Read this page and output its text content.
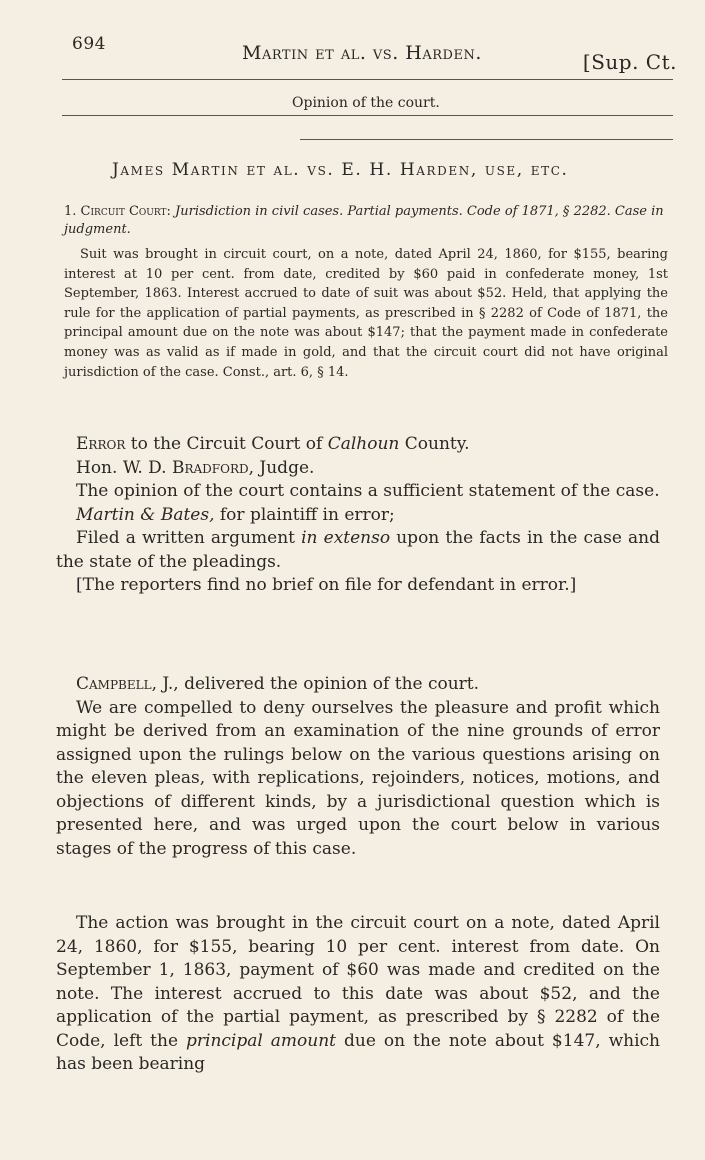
694	Martin et al. vs. Harden.	[Sup. Ct.
Opinion of the court.
James Martin et al. vs. E. H. Harden, use, etc.
1. Circuit Court: Jurisdiction in civil cases. Partial payments. Code of 1871, § 2282. Case in judgment.
Suit was brought in circuit court, on a note, dated April 24, 1860, for $155, bearing interest at 10 per cent. from date, credited by $60 paid in confederate money, 1st September, 1863. Interest accrued to date of suit was about $52. Held, that applying the rule for the application of partial payments, as prescribed in § 2282 of Code of 1871, the principal amount due on the note was about $147; that the payment made in confederate money was as valid as if made in gold, and that the circuit court did not have original jurisdiction of the case. Const., art. 6, § 14.

Error to the Circuit Court of Calhoun County.

Hon. W. D. Bradford, Judge.

The opinion of the court contains a sufficient statement of the case.

Martin & Bates, for plaintiff in error;

Filed a written argument in extenso upon the facts in the case and the state of the pleadings.

[The reporters find no brief on file for defendant in error.]

Campbell, J., delivered the opinion of the court.

We are compelled to deny ourselves the pleasure and profit which might be derived from an examination of the nine grounds of error assigned upon the rulings below on the various questions arising on the eleven pleas, with replications, rejoinders, notices, motions, and objections of different kinds, by a jurisdictional question which is presented here, and was urged upon the court below in various stages of the progress of this case.

The action was brought in the circuit court on a note, dated April 24, 1860, for $155, bearing 10 per cent. interest from date. On September 1, 1863, payment of $60 was made and credited on the note. The interest accrued to this date was about $52, and the application of the partial payment, as prescribed by § 2282 of the Code, left the principal amount due on the note about $147, which has been bearing
